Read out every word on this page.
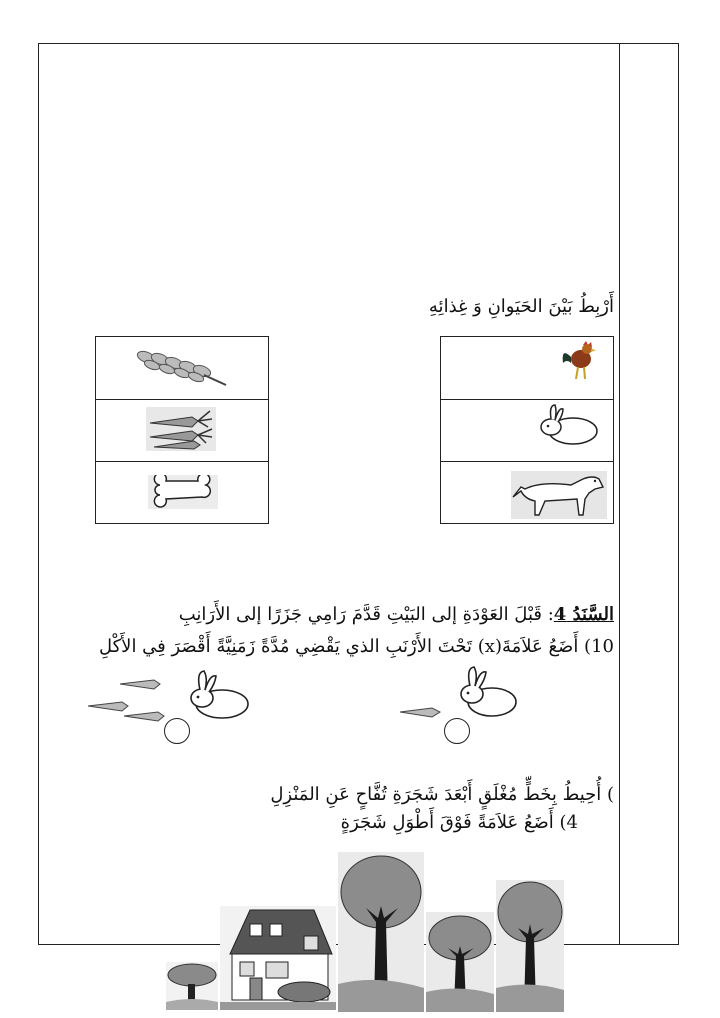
أَرْبِطُ بَيْنَ الحَيَوانِ وَ غِذائِهِ
السَّنَدُ 4: قَبْلَ العَوْدَةِ إلى البَيْتِ قَدَّمَ رَامِي جَزَرًا إلى الأَرَانِبِ
10) أَضَعُ عَلاَمَةَ(x) تَحْتَ الأَرْنَبِ الذي يَقْضِي مُدَّةً زَمَنِيَّةً أَقْصَرَ فِي الأَكْلِ
) أُحِيطُ بِخَطٍّ مُغْلَقٍ أَبْعَدَ شَجَرَةِ تُفَّاحٍ عَنِ المَنْزِلِ
4) أَضَعُ عَلاَمَةً فَوْقَ أَطْوَلِ شَجَرَةٍ
